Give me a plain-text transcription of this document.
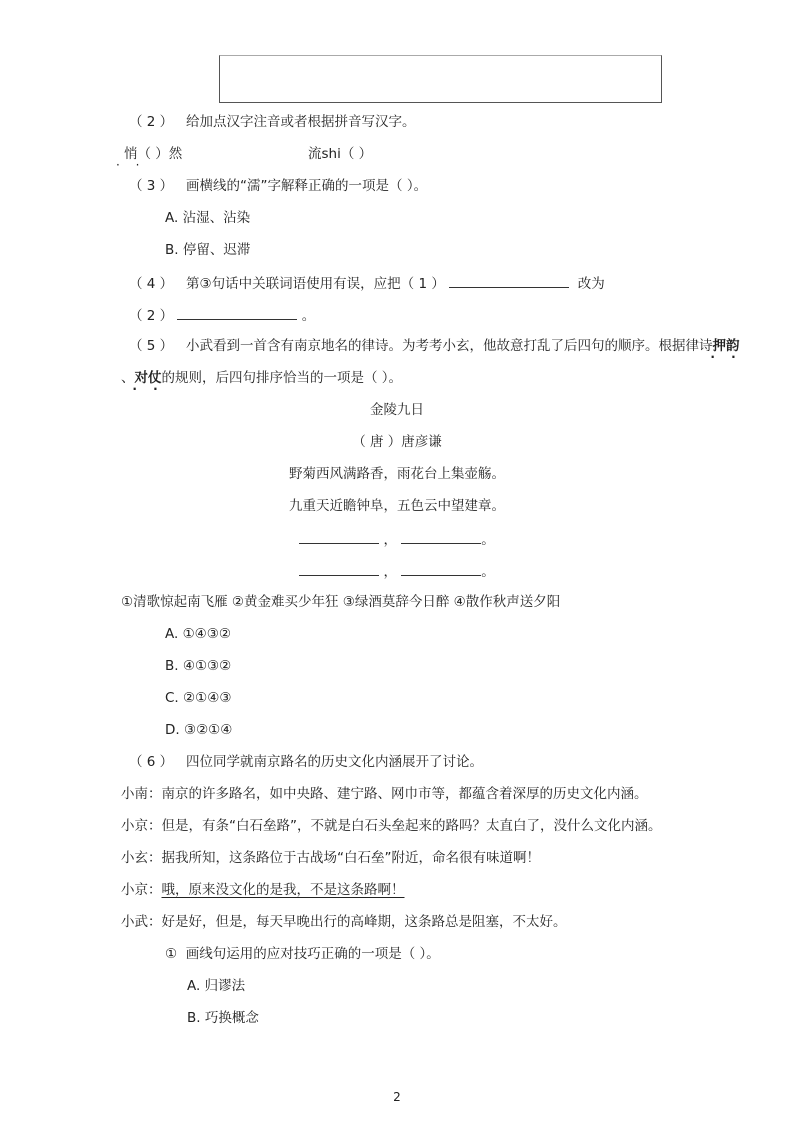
（ 2 ） 给加点汉字注音或者根据拼音写汉字。
悄 · ·（ ）然	流shi（ ）
（ 3 ） 画横线的“濡”字解释正确的一项是（ ）。
A. 沾湿、沾染
B. 停留、迟滞
（ 4 ） 第③句话中关联词语使用有误，应把（ 1 ）	改为
（ 2 ）	。
（ 5 ） 小武看到一首含有南京地名的律诗。为考考小玄，他故意打乱了后四句的顺序。根据律诗押韵 · ·
、对仗 · ·的规则，后四句排序恰当的一项是（ ）。
金陵九日
（ 唐 ）唐彦谦
野菊西风满路香，雨花台上集壶觞。
九重天近瞻钟阜，五色云中望建章。
，	。
，	。
①清歌惊起南飞雁 ②黄金难买少年狂 ③绿酒莫辞今日醉 ④散作秋声送夕阳
A. ①④③②
B. ④①③②
C. ②①④③
D. ③②①④
（ 6 ） 四位同学就南京路名的历史文化内涵展开了讨论。
小南：南京的许多路名，如中央路、建宁路、网巾市等，都蕴含着深厚的历史文化内涵。
小京：但是，有条“白石垒路”，不就是白石头垒起来的路吗？太直白了，没什么文化内涵。
小玄：据我所知，这条路位于古战场“白石垒”附近，命名很有味道啊！
小京：哦，原来没文化的是我，不是这条路啊！
小武：好是好，但是，每天早晚出行的高峰期，这条路总是阻塞，不太好。
① 画线句运用的应对技巧正确的一项是（ ）。
A. 归谬法
B. 巧换概念
2
